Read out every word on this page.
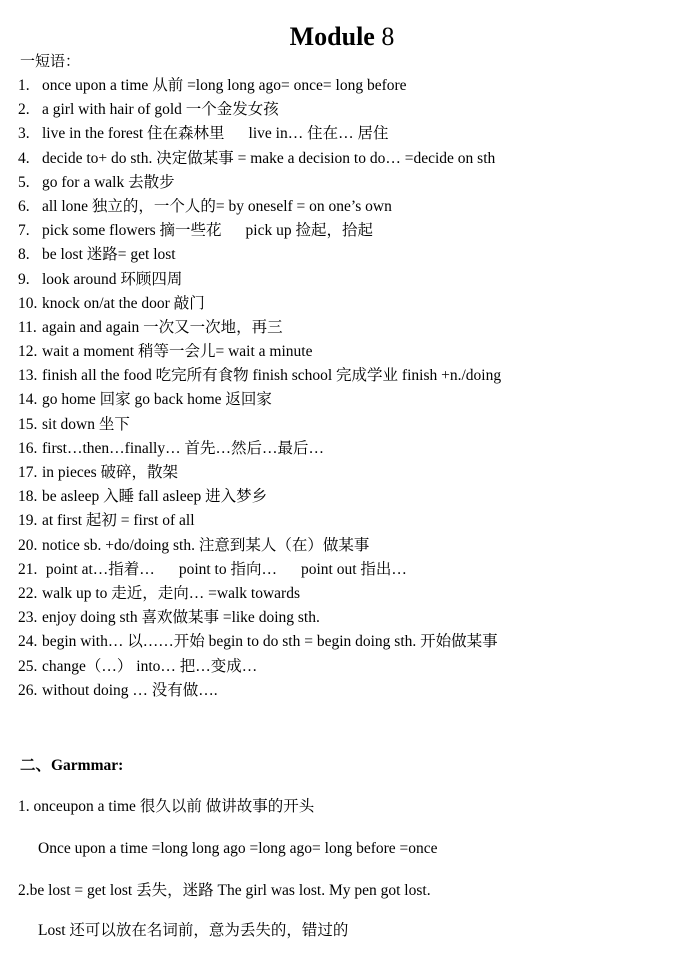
Module 8
一短语：
1. once upon a time 从前 =long long ago= once= long before
2. a girl with hair of gold 一个金发女孩
3. live in the forest 住在森林里 live in… 住在… 居住
4. decide to+ do sth. 决定做某事 = make a decision to do… =decide on sth
5. go for a walk 去散步
6. all lone 独立的，一个人的= by oneself = on one’s own
7. pick some flowers 摘一些花 pick up 捡起，拾起
8. be lost 迷路= get lost
9. look around 环顾四周
10. knock on/at the door 敲门
11. again and again 一次又一次地，再三
12. wait a moment 稍等一会儿= wait a minute
13. finish all the food 吃完所有食物 finish school 完成学业 finish +n./doing
14. go home 回家 go back home 返回家
15. sit down 坐下
16. first…then…finally… 首先…然后…最后…
17. in pieces 破碎，散架
18. be asleep 入睡 fall asleep 进入梦乡
19. at first 起初 = first of all
20. notice sb. +do/doing sth. 注意到某人（在）做某事
21. point at…指着… point to 指向… point out 指出…
22. walk up to 走近，走向… =walk towards
23. enjoy doing sth 喜欢做某事 =like doing sth.
24. begin with… 以……开始 begin to do sth = begin doing sth. 开始做某事
25. change（…） into… 把…变成…
26. without doing … 没有做….
二、Garmmar:
1. onceupon a time 很久以前 做讲故事的开头
Once upon a time =long long ago =long ago= long before =once
2.be lost = get lost 丢失，迷路 The girl was lost. My pen got lost.
Lost 还可以放在名词前，意为丢失的，错过的
